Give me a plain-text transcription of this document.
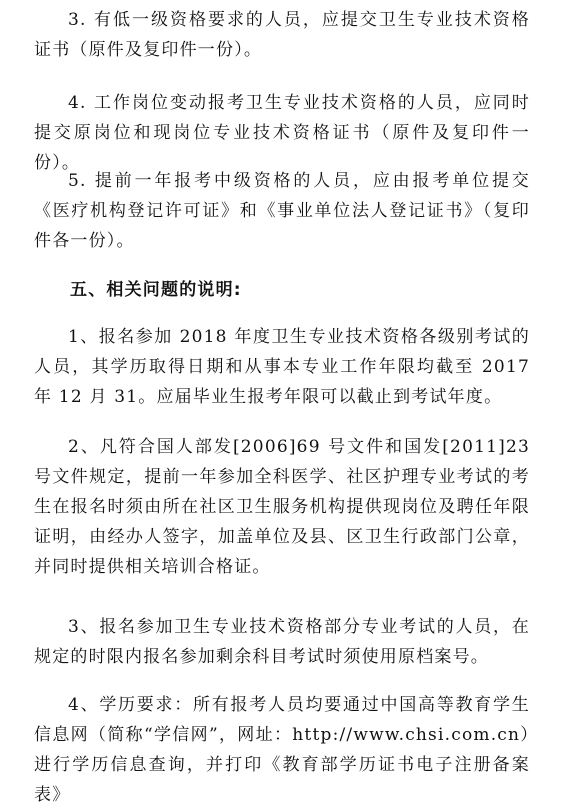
3. 有低一级资格要求的人员，应提交卫生专业技术资格证书（原件及复印件一份）。

4. 工作岗位变动报考卫生专业技术资格的人员，应同时提交原岗位和现岗位专业技术资格证书（原件及复印件一份）。

5. 提前一年报考中级资格的人员，应由报考单位提交《医疗机构登记许可证》和《事业单位法人登记证书》（复印件各一份）。

五、相关问题的说明:

1、报名参加 2018 年度卫生专业技术资格各级别考试的人员，其学历取得日期和从事本专业工作年限均截至 2017 年 12 月 31。应届毕业生报考年限可以截止到考试年度。

2、凡符合国人部发[2006]69 号文件和国发[2011]23 号文件规定，提前一年参加全科医学、社区护理专业考试的考生在报名时须由所在社区卫生服务机构提供现岗位及聘任年限证明，由经办人签字，加盖单位及县、区卫生行政部门公章，并同时提供相关培训合格证。

3、报名参加卫生专业技术资格部分专业考试的人员，在规定的时限内报名参加剩余科目考试时须使用原档案号。

4、学历要求：所有报考人员均要通过中国高等教育学生信息网（简称“学信网”，网址：http://www.chsi.com.cn）进行学历信息查询，并打印《教育部学历证书电子注册备案表》
